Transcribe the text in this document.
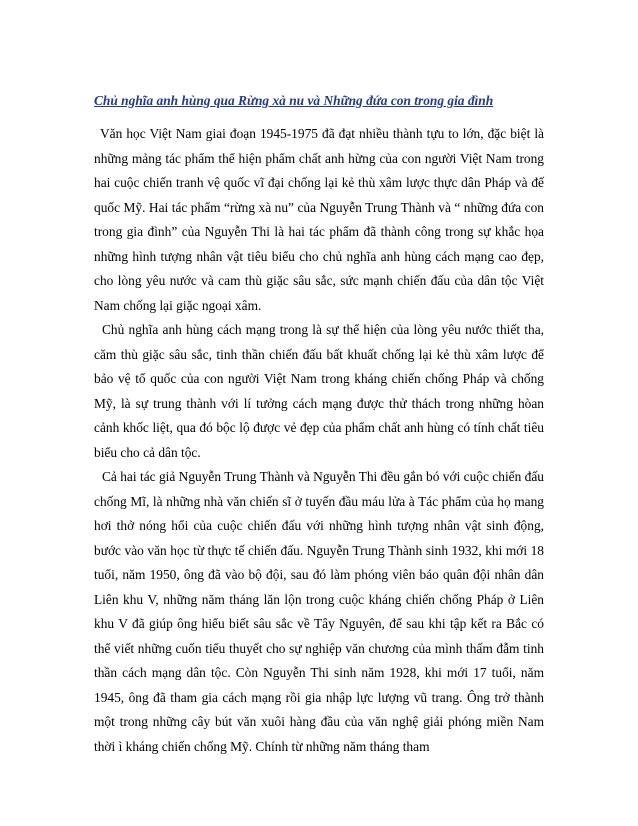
Chủ nghĩa anh hùng qua Rừng xà nu và Những đứa con trong gia đình

Văn học Việt Nam giai đoạn 1945-1975 đã đạt nhiều thành tựu to lớn, đặc biệt là những mảng tác phẩm thể hiện phẩm chất anh hừng của con người Việt Nam trong hai cuộc chiến tranh vệ quốc vĩ đại chống lại kẻ thù xâm lược thực dân Pháp và đế quốc Mỹ. Hai tác phẩm “rừng xà nu” của Nguyễn Trung Thành và “ những đứa con trong gia đình” của Nguyễn Thi là hai tác phẩm đã thành công trong sự khắc họa những hình tượng nhân vật tiêu biểu cho chủ nghĩa anh hùng cách mạng cao đẹp, cho lòng yêu nước và cam thù giặc sâu sắc, sức mạnh chiến đấu của dân tộc Việt Nam chống lại giặc ngoại xâm.

Chủ nghĩa anh hùng cách mạng trong là sự thể hiện của lòng yêu nước thiết tha, căm thù giặc sâu sắc, tinh thần chiến đấu bất khuất chống lại kẻ thù xâm lược để bảo vệ tổ quốc của con người Việt Nam trong kháng chiến chống Pháp và chống Mỹ, là sự trung thành với lí tưởng cách mạng được thử thách trong những hòan cảnh khốc liệt, qua đó bộc lộ được vẻ đẹp của phẩm chất anh hùng có tính chất tiêu biểu cho cả dân tộc.

Cả hai tác giả Nguyễn Trung Thành và Nguyễn Thi đều gắn bó với cuộc chiến đấu chống Mĩ, là những nhà văn chiến sĩ ở tuyến đầu máu lửa à Tác phẩm của họ mang hơi thở nóng hổi của cuộc chiến đấu với những hình tượng nhân vật sinh động, bước vào văn học từ thực tế chiến đấu. Nguyễn Trung Thành sinh 1932, khi mới 18 tuổi, năm 1950, ông đã vào bộ đội, sau đó làm phóng viên báo quân đội nhân dân Liên khu V, những năm tháng lăn lộn trong cuộc kháng chiến chống Pháp ở Liên khu V đã giúp ông hiểu biết sâu sắc về Tây Nguyên, để sau khi tập kết ra Bắc có thể viết những cuốn tiểu thuyết cho sự nghiệp văn chương của mình thấm đẫm tinh thần cách mạng dân tộc. Còn Nguyễn Thi sinh năm 1928, khi mới 17 tuổi, năm 1945, ông đã tham gia cách mạng rồi gia nhập lực lượng vũ trang. Ông trở thành một trong những cây bút văn xuôi hàng đầu của văn nghệ giải phóng miền Nam thời ì kháng chiến chống Mỹ. Chính từ những năm tháng tham
